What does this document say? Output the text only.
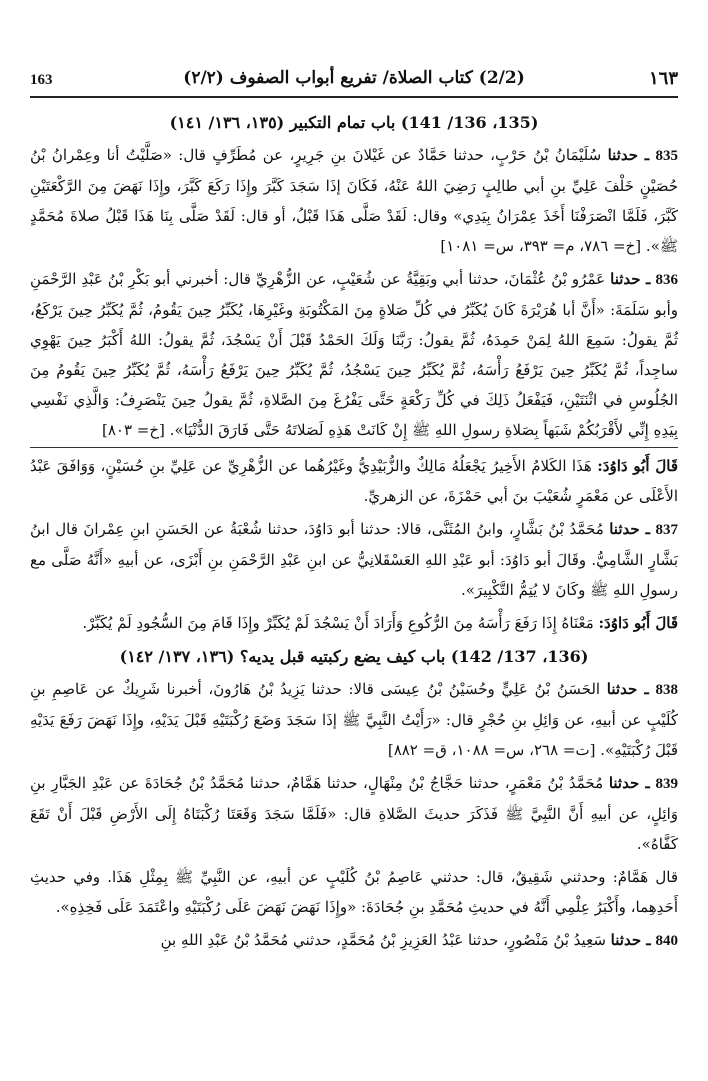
١٦٣
(2/2) كتاب الصلاة/ تفريع أبواب الصفوف (٢/٢)
163
(135، 136/ 141) باب تمام التكبير (١٣٥، ١٣٦/ ١٤١)

835 ـ حدثنا سُلَيْمَانُ بْنُ حَرْبٍ، حدثنا حَمَّادٌ عن غَيْلانَ بنِ جَرِيرٍ، عن مُطَرِّفٍ قال: «صَلَّيْتُ أنا وعِمْرانُ بْنُ حُصَيْنٍ خَلْفَ عَلِيِّ بنِ أبي طالِبٍ رَضِيَ اللهُ عَنْهُ، فَكَانَ إذَا سَجَدَ كَبَّرَ وإِذَا رَكَعَ كَبَّرَ، وإِذَا نَهَضَ مِنَ الرَّكْعَتَيْنِ كَبَّرَ، فَلَمَّا انْصَرَفْنَا أَخَذَ عِمْرَانُ بِيَدِي» وقال: لَقَدْ صَلَّى هَذَا قَبْلُ، أو قال: لَقَدْ صَلَّى بِنَا هَذَا قَبْلُ صلاةَ مُحَمَّدٍ ﷺ». [خ= ٧٨٦، م= ٣٩٣، س= ١٠٨١]

836 ـ حدثنا عَمْرُو بْنُ عُثْمَانَ، حدثنا أبي وبَقِيَّةُ عن شُعَيْبٍ، عن الزُّهْرِيِّ قال: أخبرني أبو بَكْرِ بْنُ عَبْدِ الرَّحْمَنِ وأبو سَلَمَةَ: «أَنَّ أبا هُرَيْرَةَ كَانَ يُكَبِّرُ في كُلِّ صَلاةٍ مِنَ المَكْتُوبَةِ وغَيْرِهَا، يُكَبِّرُ حِينَ يَقُومُ، ثُمَّ يُكَبِّرُ حِينَ يَرْكَعُ، ثُمَّ يقولُ: سَمِعَ اللهُ لِمَنْ حَمِدَهُ، ثُمَّ يقولُ: رَبَّنَا وَلَكَ الحَمْدُ قَبْلَ أَنْ يَسْجُدَ، ثُمَّ يقولُ: اللهُ أَكْبَرُ حِينَ يَهْوِي ساجِداً، ثُمَّ يُكَبِّرُ حِينَ يَرْفَعُ رَأْسَهُ، ثُمَّ يُكَبِّرُ حِينَ يَسْجُدُ، ثُمَّ يُكَبِّرُ حِينَ يَرْفَعُ رَأْسَهُ، ثُمَّ يُكَبِّرُ حِينَ يَقُومُ مِنَ الجُلُوسِ في اثْنَتَيْنِ، فَيَفْعَلُ ذَلِكَ في كُلِّ رَكْعَةٍ حَتَّى يَفْرُغَ مِنَ الصَّلاةِ، ثُمَّ يقولُ حِينَ يَنْصَرِفُ: وَالَّذِي نَفْسِي بِيَدِهِ إِنِّي لأَقْرَبُكُمْ شَبَهاً بِصَلاةِ رسولِ اللهِ ﷺ إِنْ كَانَتْ هَذِهِ لَصَلاتَهُ حَتَّى فَارَقَ الدُّنْيَا». [خ= ٨٠٣]

قَالَ أَبُو دَاوُدَ: هَذَا الكَلامُ الأَخِيرُ يَجْعَلُهُ مَالِكٌ والزُّبَيْدِيُّ وغَيْرُهُما عن الزُّهْرِيِّ عن عَلِيِّ بنِ حُسَيْنٍ، وَوَافَقَ عَبْدُ الأَعْلَى عن مَعْمَرٍ شُعَيْبَ بنَ أبي حَمْزَةَ، عن الزهريِّ.

837 ـ حدثنا مُحَمَّدُ بْنُ بَشَّارٍ، وابنُ المُثَنَّى، قالا: حدثنا أبو دَاوُدَ، حدثنا شُعْبَةُ عن الحَسَنِ ابنِ عِمْرانَ قال ابنُ بَشَّارٍ الشَّامِيُّ. وقَالَ أبو دَاوُدَ: أبو عَبْدِ اللهِ العَسْقَلانِيُّ عن ابنِ عَبْدِ الرَّحْمَنِ بنِ أَبْزَى، عن أبيهِ «أَنَّهُ صَلَّى مع رسولِ اللهِ ﷺ وكَانَ لا يُتِمُّ التَّكْبِيرَ».

قَالَ أَبُو دَاوُدَ: مَعْنَاهُ إِذَا رَفَعَ رَأْسَهُ مِنَ الرُّكُوعِ وَأَرَادَ أَنْ يَسْجُدَ لَمْ يُكَبِّرْ وإِذَا قَامَ مِنَ السُّجُودِ لَمْ يُكَبِّرْ.

(136، 137/ 142) باب كيف يضع ركبتيه قبل يديه؟ (١٣٦، ١٣٧/ ١٤٢)

838 ـ حدثنا الحَسَنُ بْنُ عَلِيٍّ وحُسَيْنُ بْنُ عِيسَى قالا: حدثنا يَزِيدُ بْنُ هَارُونَ، أخبرنا شَرِيكٌ عن عَاصِمِ بنِ كُلَيْبٍ عن أبيهِ، عن وَائِلِ بنِ حُجْرٍ قال: «رَأَيْتُ النَّبِيَّ ﷺ إذَا سَجَدَ وَضَعَ رُكْبَتَيْهِ قَبْلَ يَدَيْهِ، وإِذَا نَهَضَ رَفَعَ يَدَيْهِ قَبْلَ رُكْبَتَيْهِ». [ت= ٢٦٨، س= ١٠٨٨، ق= ٨٨٢]

839 ـ حدثنا مُحَمَّدُ بْنُ مَعْمَرٍ، حدثنا حَجَّاجُ بْنُ مِنْهَالٍ، حدثنا هَمَّامٌ، حدثنا مُحَمَّدُ بْنُ جُحَادَةَ عن عَبْدِ الجَبَّارِ بنِ وَائِلٍ، عن أبيهِ أَنَّ النَّبِيَّ ﷺ فَذَكَرَ حديثَ الصَّلاةِ قال: «فَلَمَّا سَجَدَ وَقَعَتَا رُكْبَتَاهُ إِلَى الأَرْضِ قَبْلَ أَنْ تَقَعَ كَفَّاهُ».

قال هَمَّامٌ: وحدثني شَقِيقٌ، قال: حدثني عَاصِمُ بْنُ كُلَيْبٍ عن أبيهِ، عن النَّبِيِّ ﷺ بِمِثْلِ هَذَا. وفي حديثِ أَحَدِهِما، وأَكْبَرُ عِلْمِي أَنَّهُ في حديثِ مُحَمَّدِ بنِ جُحَادَةَ: «وإِذَا نَهَضَ نَهَضَ عَلَى رُكْبَتَيْهِ واعْتَمَدَ عَلَى فَخِذِهِ».

840 ـ حدثنا سَعِيدُ بْنُ مَنْصُورٍ، حدثنا عَبْدُ العَزِيزِ بْنُ مُحَمَّدٍ، حدثني مُحَمَّدُ بْنُ عَبْدِ اللهِ بنِ
